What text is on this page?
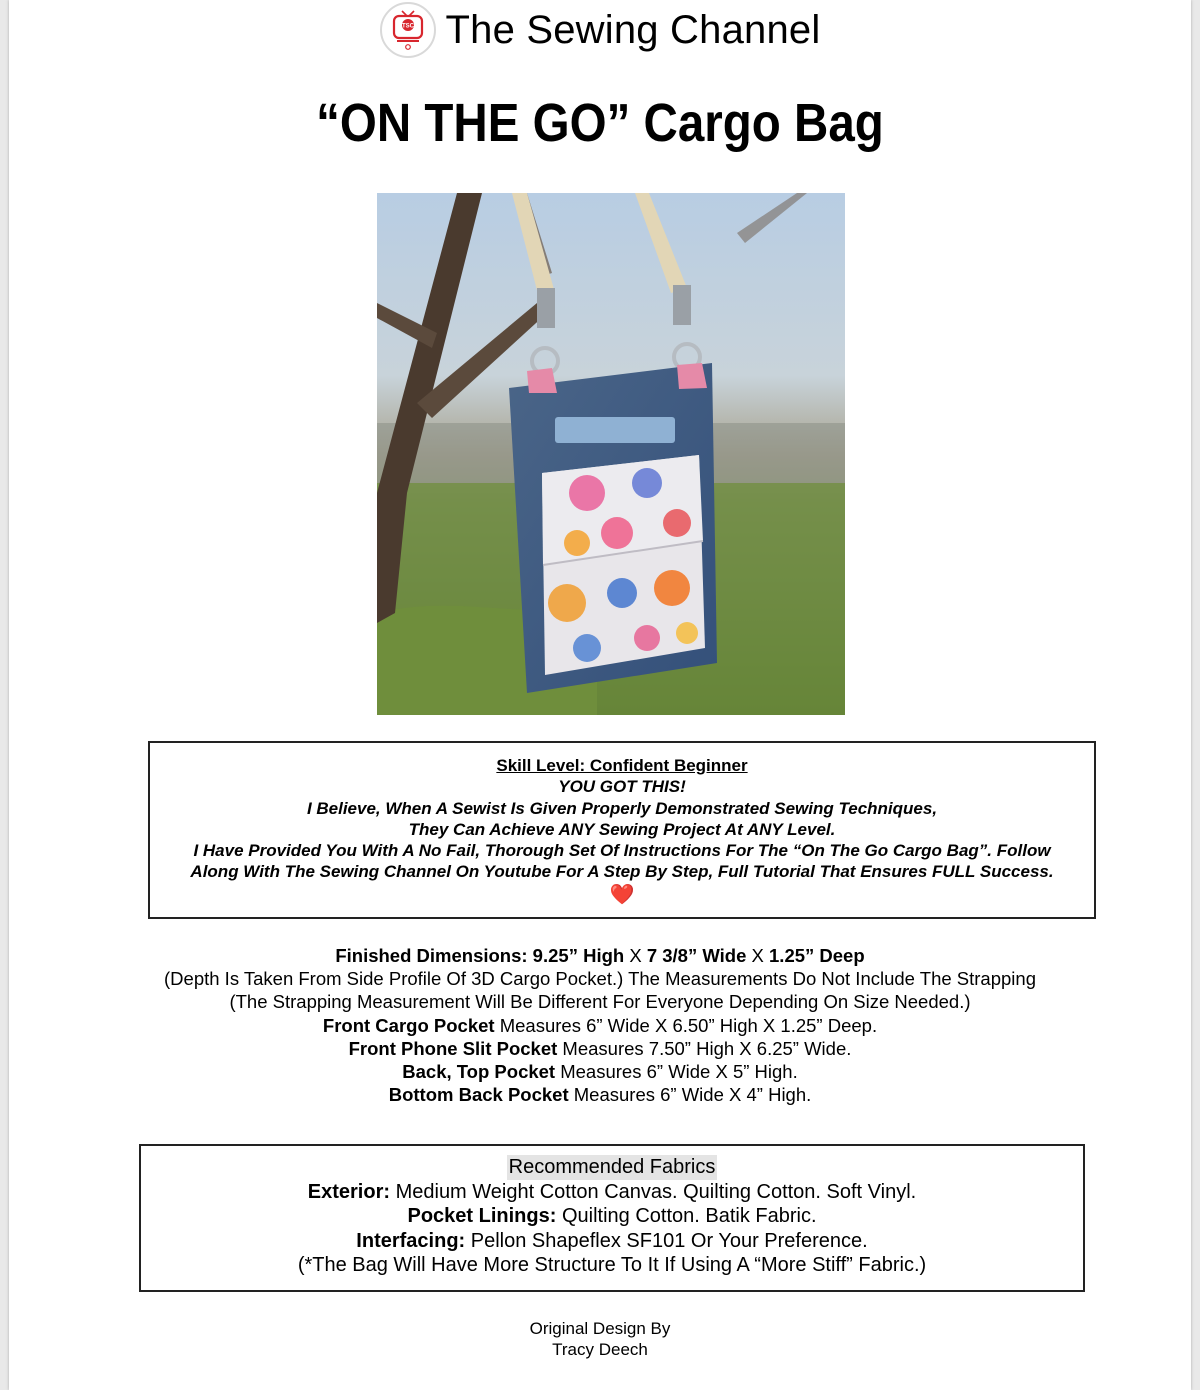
TSC The Sewing Channel
“ON THE GO” Cargo Bag
Skill Level: Confident Beginner
YOU GOT THIS!
I Believe, When A Sewist Is Given Properly Demonstrated Sewing Techniques,
They Can Achieve ANY Sewing Project At ANY Level.
I Have Provided You With A No Fail, Thorough Set Of Instructions For The “On The Go Cargo Bag”. Follow
Along With The Sewing Channel On Youtube For A Step By Step, Full Tutorial That Ensures FULL Success.
❤️
Finished Dimensions: 9.25” High X 7 3/8” Wide X 1.25” Deep
(Depth Is Taken From Side Profile Of 3D Cargo Pocket.) The Measurements Do Not Include The Strapping
(The Strapping Measurement Will Be Different For Everyone Depending On Size Needed.)
Front Cargo Pocket Measures 6” Wide X 6.50” High X 1.25” Deep.
Front Phone Slit Pocket Measures 7.50” High X 6.25” Wide.
Back, Top Pocket Measures 6” Wide X 5” High.
Bottom Back Pocket Measures 6” Wide X 4” High.
Recommended Fabrics
Exterior: Medium Weight Cotton Canvas. Quilting Cotton. Soft Vinyl.
Pocket Linings: Quilting Cotton. Batik Fabric.
Interfacing: Pellon Shapeflex SF101 Or Your Preference.
(*The Bag Will Have More Structure To It If Using A “More Stiff” Fabric.)
Original Design By
Tracy Deech
